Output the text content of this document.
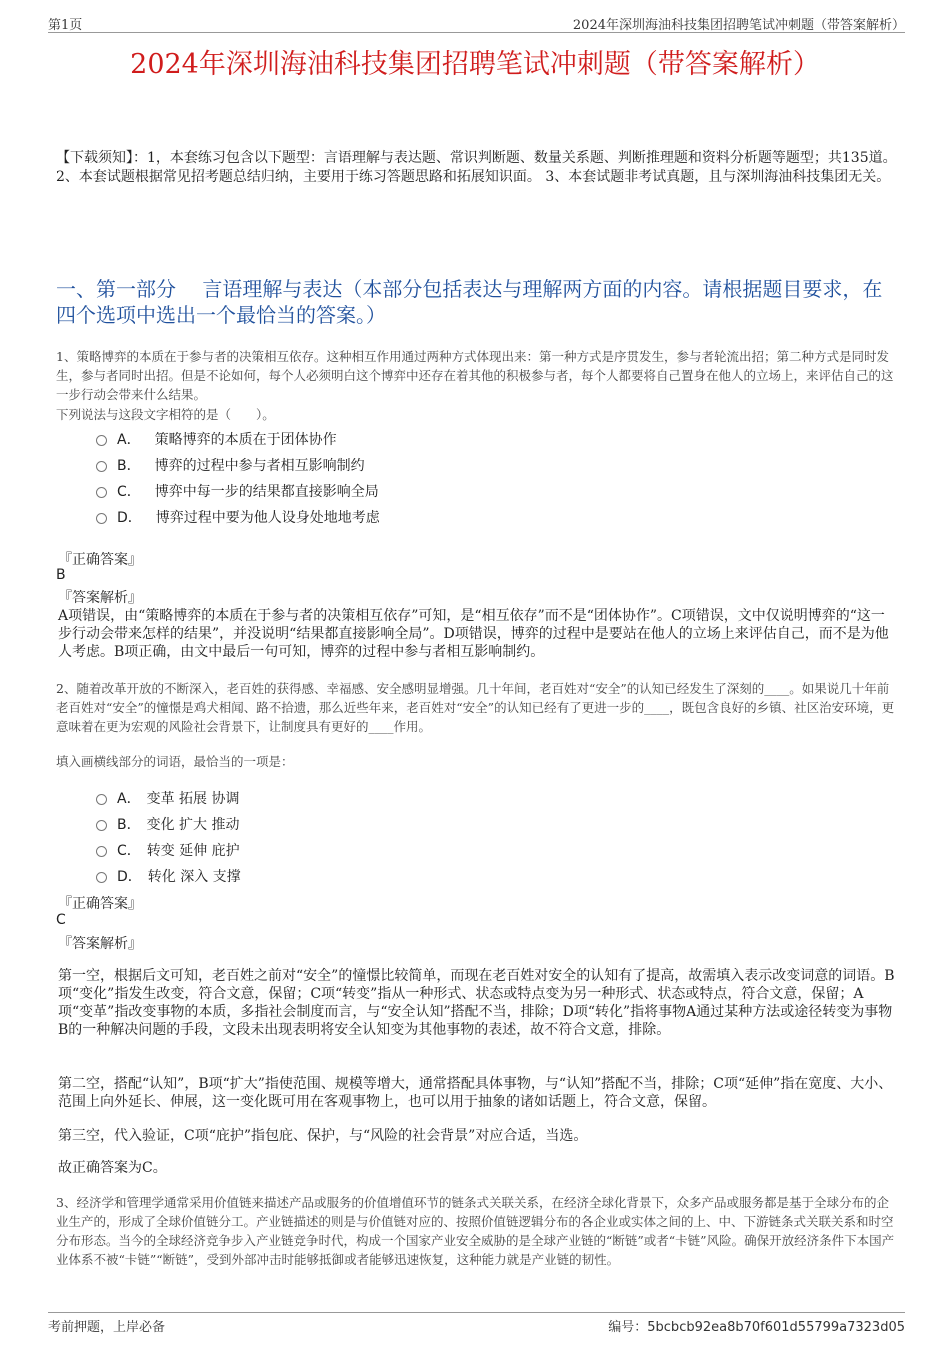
第1页	2024年深圳海油科技集团招聘笔试冲刺题（带答案解析）
2024年深圳海油科技集团招聘笔试冲刺题（带答案解析）
【下载须知】：1，本套练习包含以下题型：言语理解与表达题、常识判断题、数量关系题、判断推理题和资料分析题等题型；共135道。 2、本套试题根据常见招考题总结归纳，主要用于练习答题思路和拓展知识面。 3、本套试题非考试真题，且与深圳海油科技集团无关。
一、第一部分　 言语理解与表达（本部分包括表达与理解两方面的内容。请根据题目要求，在四个选项中选出一个最恰当的答案。）
1、策略博弈的本质在于参与者的决策相互依存。这种相互作用通过两种方式体现出来：第一种方式是序贯发生，参与者轮流出招；第二种方式是同时发生，参与者同时出招。但是不论如何，每个人必须明白这个博弈中还存在着其他的积极参与者，每个人都要将自己置身在他人的立场上，来评估自己的这一步行动会带来什么结果。
下列说法与这段文字相符的是（　　）。
A． 策略博弈的本质在于团体协作
B． 博弈的过程中参与者相互影响制约
C． 博弈中每一步的结果都直接影响全局
D． 博弈过程中要为他人设身处地地考虑
『正确答案』
B
『答案解析』
A项错误，由“策略博弈的本质在于参与者的决策相互依存”可知，是“相互依存”而不是“团体协作”。C项错误，文中仅说明博弈的“这一步行动会带来怎样的结果”，并没说明“结果都直接影响全局”。D项错误，博弈的过程中是要站在他人的立场上来评估自己，而不是为他人考虑。B项正确，由文中最后一句可知，博弈的过程中参与者相互影响制约。
2、随着改革开放的不断深入，老百姓的获得感、幸福感、安全感明显增强。几十年间，老百姓对“安全”的认知已经发生了深刻的____。如果说几十年前老百姓对“安全”的憧憬是鸡犬相闻、路不拾遗，那么近些年来，老百姓对“安全”的认知已经有了更进一步的____，既包含良好的乡镇、社区治安环境，更意味着在更为宏观的风险社会背景下，让制度具有更好的____作用。
填入画横线部分的词语，最恰当的一项是：
A． 变革 拓展 协调
B． 变化 扩大 推动
C． 转变 延伸 庇护
D． 转化 深入 支撑
『正确答案』
C
『答案解析』
第一空，根据后文可知，老百姓之前对“安全”的憧憬比较简单，而现在老百姓对安全的认知有了提高，故需填入表示改变词意的词语。B项“变化”指发生改变，符合文意，保留；C项“转变”指从一种形式、状态或特点变为另一种形式、状态或特点，符合文意，保留；A项“变革”指改变事物的本质，多指社会制度而言，与“安全认知”搭配不当，排除；D项“转化”指将事物A通过某种方法或途径转变为事物B的一种解决问题的手段，文段未出现表明将安全认知变为其他事物的表述，故不符合文意，排除。
第二空，搭配“认知”，B项“扩大”指使范围、规模等增大，通常搭配具体事物，与“认知”搭配不当，排除；C项“延伸”指在宽度、大小、范围上向外延长、伸展，这一变化既可用在客观事物上，也可以用于抽象的诸如话题上，符合文意，保留。
第三空，代入验证，C项“庇护”指包庇、保护，与“风险的社会背景”对应合适，当选。
故正确答案为C。
3、经济学和管理学通常采用价值链来描述产品或服务的价值增值环节的链条式关联关系，在经济全球化背景下，众多产品或服务都是基于全球分布的企业生产的，形成了全球价值链分工。产业链描述的则是与价值链对应的、按照价值链逻辑分布的各企业或实体之间的上、中、下游链条式关联关系和时空分布形态。当今的全球经济竞争步入产业链竞争时代，构成一个国家产业安全威胁的是全球产业链的“断链”或者“卡链”风险。确保开放经济条件下本国产业体系不被“卡链”“断链”，受到外部冲击时能够抵御或者能够迅速恢复，这种能力就是产业链的韧性。
考前押题，上岸必备	编号：5bcbcb92ea8b70f601d55799a7323d05
